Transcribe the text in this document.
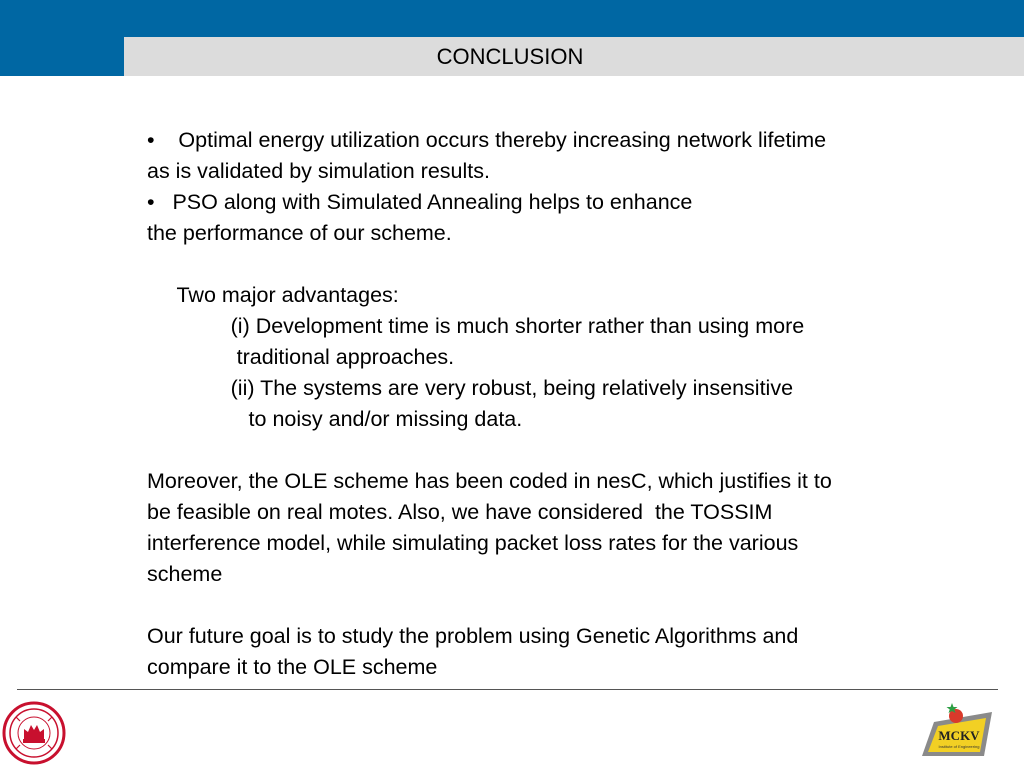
CONCLUSION
•    Optimal energy utilization occurs thereby increasing network lifetime
as is validated by simulation results.
•   PSO along with Simulated Annealing helps to enhance
the performance of our scheme.
Two major advantages:
(i) Development time is much shorter rather than using more
traditional approaches.
(ii) The systems are very robust, being relatively insensitive
to noisy and/or missing data.
Moreover, the OLE scheme has been coded in nesC, which justifies it to
be feasible on real motes. Also, we have considered  the TOSSIM
interference model, while simulating packet loss rates for the various
scheme
Our future goal is to study the problem using Genetic Algorithms and
compare it to the OLE scheme
MCKV
Institute of Engineering
